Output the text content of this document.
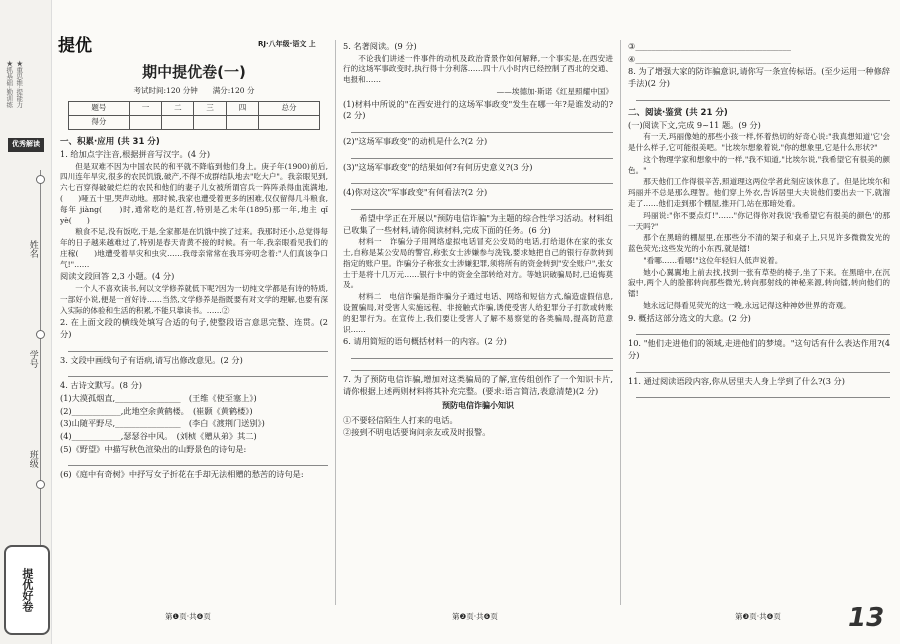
★抓基础·勤训练 ★重思维·提能力
优秀解读
姓名
学号
班级
提优好卷
提优	RJ·八年级·语文 上
期中提优卷(一)
考试时间:120 分钟　　满分:120 分
题号	一	二	三	四	总分
得分					
一、积累·应用 (共 31 分)

1. 给加点字注音,根据拼音写汉字。(4 分)

但是双难不因为中国农民的和平就不降临到他们身上。庚子年(1900)前后,四川连年旱灾,很多的农民饥饿,破产,不得不成群结队地去"吃大户"。我亲眼见到,六七百穿得破破烂烂的农民和他们的妻子儿女被所谓官兵一阵阵杀得血流满地,(　　)哑五十里,哭声动地。那时候,我家也遭受着更多的困难,仅仅留得几斗粮食,每年 jiàng(　　)时,通常吃的是红苕,特别是乙未年(1895)那一年,地主 qǐ yè(　　)

粮食不足,没有饭吃,于是,全家都是在饥饿中挨了过来。我那时还小,总觉得每年的日子越来越难过了,特别是春天青黄不接的时候。有一年,我亲眼看见我们的庄稼(　　)地遭受着旱灾和虫灾……我母亲常常在我耳旁叨念着:"人们真该争口气!"……

阅读文段回答 2,3 小题。(4 分)

一个人不喜欢读书,何以文学修养就低下呢?因为一切纯文学都是有诗的特质,一部好小说,便是一首好诗……当然,文学修养是指既要有对文学的理解,也要有深入实际的体验和生活的积累,不能只靠读书。……②

2. 在上面文段的横线处填写合适的句子,使整段语言意思完整、连贯。(2 分)

3. 文段中画线句子有语病,请写出修改意见。(2 分)

4. 古诗文默写。(8 分)

(1)大漠孤烟直,________________　(王维《使至塞上》)

(2)____________,此地空余黄鹤楼。　 (崔颢《黄鹤楼》)

(3)山随平野尽,________________　(李白《渡荆门送别》)

(4)____________,瑟瑟谷中风。　 (刘桢《赠从弟》其二)

(5)《野望》中描写秋色渲染出的山野景色的诗句是:

(6)《庭中有奇树》中抒写女子折花在手却无法相赠的愁苦的诗句是:

5. 名著阅读。(9 分)

不论我们讲述一件事件的动机及政治背景作如何解释,一个事实是,在西安进行的这场军事政变时,执行得十分利落……四十八小时内已经控制了西北的交通、电报和……

——埃德加·斯诺《红星照耀中国》

(1)材料中所说的"在西安进行的这场军事政变"发生在哪一年?是谁发动的?(2 分)

(2)"这场军事政变"的动机是什么?(2 分)

(3)"这场军事政变"的结果如何?有何历史意义?(3 分)

(4)你对这次"军事政变"有何看法?(2 分)

希望中学正在开展以"预防电信诈骗"为主题的综合性学习活动。材料组已收集了一些材料,请你阅读材料,完成下面的任务。(6 分)

材料一　诈骗分子用网络虚拟电话冒充公安局的电话,打给退休在家的张女士,自称是某公安局的警官,称张女士涉嫌参与洗钱,要求她把自己的银行存款转到指定的账户里。诈骗分子称张女士涉嫌犯罪,须将所有的资金转到"安全账户",张女士于是将十几万元……银行卡中的资金全部转给对方。等她识破骗局时,已追悔莫及。

材料二　电信诈骗是指诈骗分子通过电话、网络和短信方式,编造虚假信息,设置骗局,对受害人实施远程、非接触式诈骗,诱使受害人给犯罪分子打款或转账的犯罪行为。在宣传上,我们要让受害人了解不易察觉的各类骗局,提高防范意识……

6. 请用简短的语句概括材料一的内容。(2 分)

7. 为了预防电信诈骗,增加对这类骗局的了解,宣传组创作了一个知识卡片,请你根据上述两则材料将其补充完整。(要求:语言简洁,表意清楚)(2 分)

预防电信诈骗小知识

①不要轻信陌生人打来的电话。

②接到不明电话要询问亲友或及时报警。

③______________________________________

④______________________________________

8. 为了增强大家的防诈骗意识,请你写一条宣传标语。(至少运用一种修辞手法)(2 分)

二、阅读·鉴赏 (共 21 分)

(一)阅读下文,完成 9~11 题。(9 分)

有一天,玛丽像她的那些小孩一样,怀着热切的好奇心说:"我真想知道'它'会是什么样子,它可能很美吧。"比埃尔想象着说,"你的想象里,它是什么形状?"

这个物理学家和想象中的一样,"我不知道,"比埃尔说,"我希望它有很美的颜色。"

那天他们工作得很辛苦,照道理这两位学者此刻应该休息了。但是比埃尔和玛丽并不总是那么理智。他们穿上外衣,告诉居里大夫说他们要出去一下,就溜走了……他们走到那个棚屋,推开门,站在那暗处看。

玛丽说:"你不要点灯!"……"你记得你对我说'我希望它有很美的颜色'的那一天吗?"

那个在黑暗的棚屋里,在那些分不清的架子和桌子上,只见许多微微发光的蓝色荧光;这些发光的小东西,就是镭!

"看哪……看哪!"这位年轻妇人低声说着。

她小心翼翼地上前去找,找到一张有草垫的椅子,坐了下来。在黑暗中,在沉寂中,两个人的脸都转向那些微光,转向那射线的神秘来源,转向镭,转向他们的镭!

她永远记得看见荧光的这一晚,永远记得这种神妙世界的奇观。

9. 概括这部分选文的大意。(2 分)

10. "他们走进他们的领域,走进他们的梦境。"这句话有什么表达作用?(4 分)

11. 通过阅读语段内容,你从居里夫人身上学到了什么?(3 分)

第❶页·共❻页	第❷页·共❻页	第❸页·共❻页	13
